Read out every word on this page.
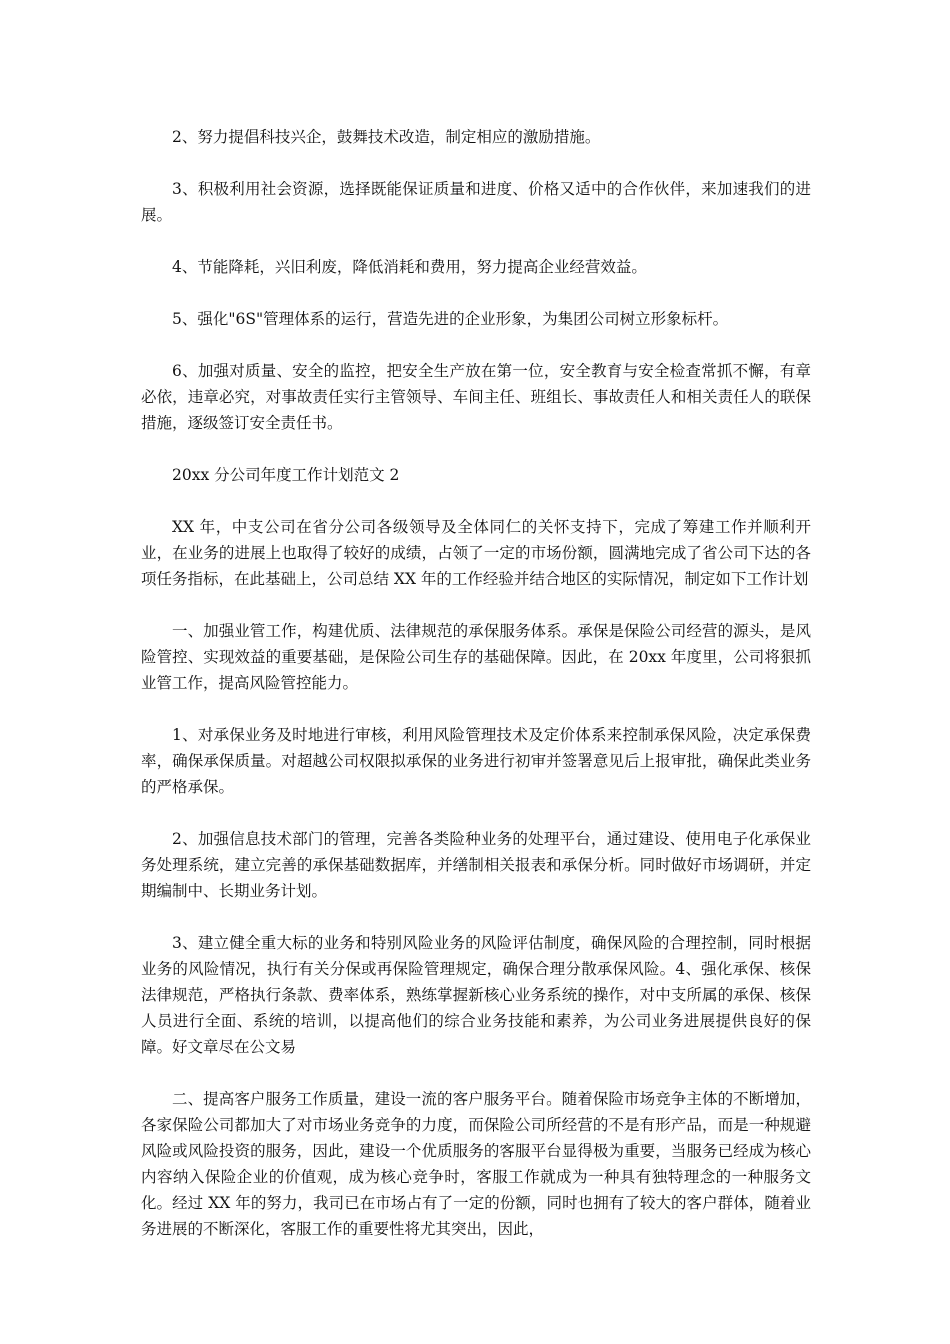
2、努力提倡科技兴企，鼓舞技术改造，制定相应的激励措施。

3、积极利用社会资源，选择既能保证质量和进度、价格又适中的合作伙伴，来加速我们的进展。

4、节能降耗，兴旧利废，降低消耗和费用，努力提高企业经营效益。

5、强化"6S"管理体系的运行，营造先进的企业形象，为集团公司树立形象标杆。

6、加强对质量、安全的监控，把安全生产放在第一位，安全教育与安全检查常抓不懈，有章必依，违章必究，对事故责任实行主管领导、车间主任、班组长、事故责任人和相关责任人的联保措施，逐级签订安全责任书。

20xx 分公司年度工作计划范文 2

XX 年，中支公司在省分公司各级领导及全体同仁的关怀支持下，完成了筹建工作并顺利开业，在业务的进展上也取得了较好的成绩，占领了一定的市场份额，圆满地完成了省公司下达的各项任务指标，在此基础上，公司总结 XX 年的工作经验并结合地区的实际情况，制定如下工作计划

一、加强业管工作，构建优质、法律规范的承保服务体系。承保是保险公司经营的源头，是风险管控、实现效益的重要基础，是保险公司生存的基础保障。因此，在 20xx 年度里，公司将狠抓业管工作，提高风险管控能力。

1、对承保业务及时地进行审核，利用风险管理技术及定价体系来控制承保风险，决定承保费率，确保承保质量。对超越公司权限拟承保的业务进行初审并签署意见后上报审批，确保此类业务的严格承保。

2、加强信息技术部门的管理，完善各类险种业务的处理平台，通过建设、使用电子化承保业务处理系统，建立完善的承保基础数据库，并缮制相关报表和承保分析。同时做好市场调研，并定期编制中、长期业务计划。

3、建立健全重大标的业务和特别风险业务的风险评估制度，确保风险的合理控制，同时根据业务的风险情况，执行有关分保或再保险管理规定，确保合理分散承保风险。4、强化承保、核保法律规范，严格执行条款、费率体系，熟练掌握新核心业务系统的操作，对中支所属的承保、核保人员进行全面、系统的培训，以提高他们的综合业务技能和素养，为公司业务进展提供良好的保障。好文章尽在公文易

二、提高客户服务工作质量，建设一流的客户服务平台。随着保险市场竞争主体的不断增加，各家保险公司都加大了对市场业务竞争的力度，而保险公司所经营的不是有形产品，而是一种规避风险或风险投资的服务，因此，建设一个优质服务的客服平台显得极为重要，当服务已经成为核心内容纳入保险企业的价值观，成为核心竞争时，客服工作就成为一种具有独特理念的一种服务文化。经过 XX 年的努力，我司已在市场占有了一定的份额，同时也拥有了较大的客户群体，随着业务进展的不断深化，客服工作的重要性将尤其突出，因此，
